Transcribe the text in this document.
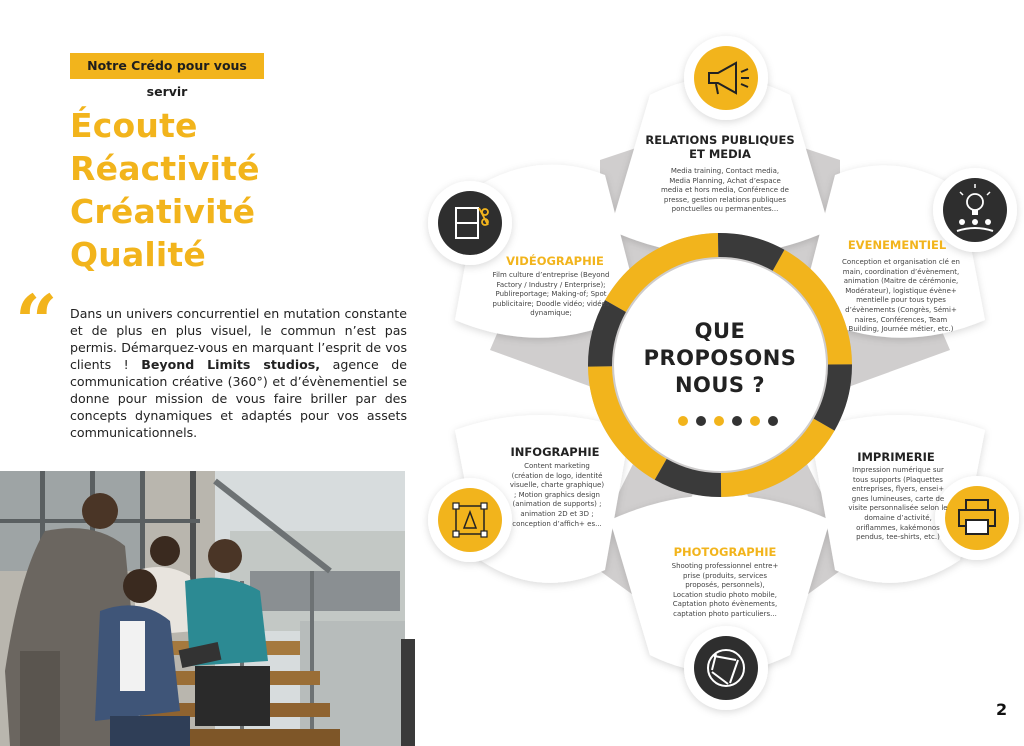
Notre Crédo pour vous servir
Écoute
Réactivité
Créativité
Qualité
“ Dans un univers concurrentiel en mutation constante et de plus en plus visuel, le commun n’est pas permis. Démarquez-vous en marquant l’esprit de vos clients ! Beyond Limits studios, agence de communication créative (360°) et d’évènementiel se donne pour mission de vous faire briller par des concepts dynamiques et adaptés pour vos assets communicationnels.

RELATIONS PUBLIQUES
ET MEDIA
Media training, Contact media, Media Planning, Achat d’espace media et hors media, Conférence de presse, gestion relations publiques ponctuelles ou permanentes...
EVENEMENTIEL
Conception et organisation clé en main, coordination d’évènement, animation (Maitre de cérémonie, Modérateur), logistique évène+ mentielle pour tous types d’évènements (Congrès, Sémi+ naires, Conférences, Team Building, Journée métier, etc.)
IMPRIMERIE
Impression numérique sur tous supports (Plaquettes entreprises, flyers, ensei+ gnes lumineuses, carte de visite personnalisée selon le domaine d’activité, oriflammes, kakémonos pendus, tee-shirts, etc.)
PHOTOGRAPHIE
Shooting professionnel entre+ prise (produits, services proposés, personnels), Location studio photo mobile, Captation photo évènements, captation photo particuliers...
INFOGRAPHIE
Content marketing (création de logo, identité visuelle, charte graphique) ; Motion graphics design (animation de supports) ; animation 2D et 3D ; conception d’affich+ es...
VIDÉOGRAPHIE
Film culture d’entreprise (Beyond Factory / Industry / Enterprise); Publireportage; Making-of; Spot publicitaire; Doodle vidéo; vidéos dynamique;
QUE
PROPOSONS
NOUS ?
2
